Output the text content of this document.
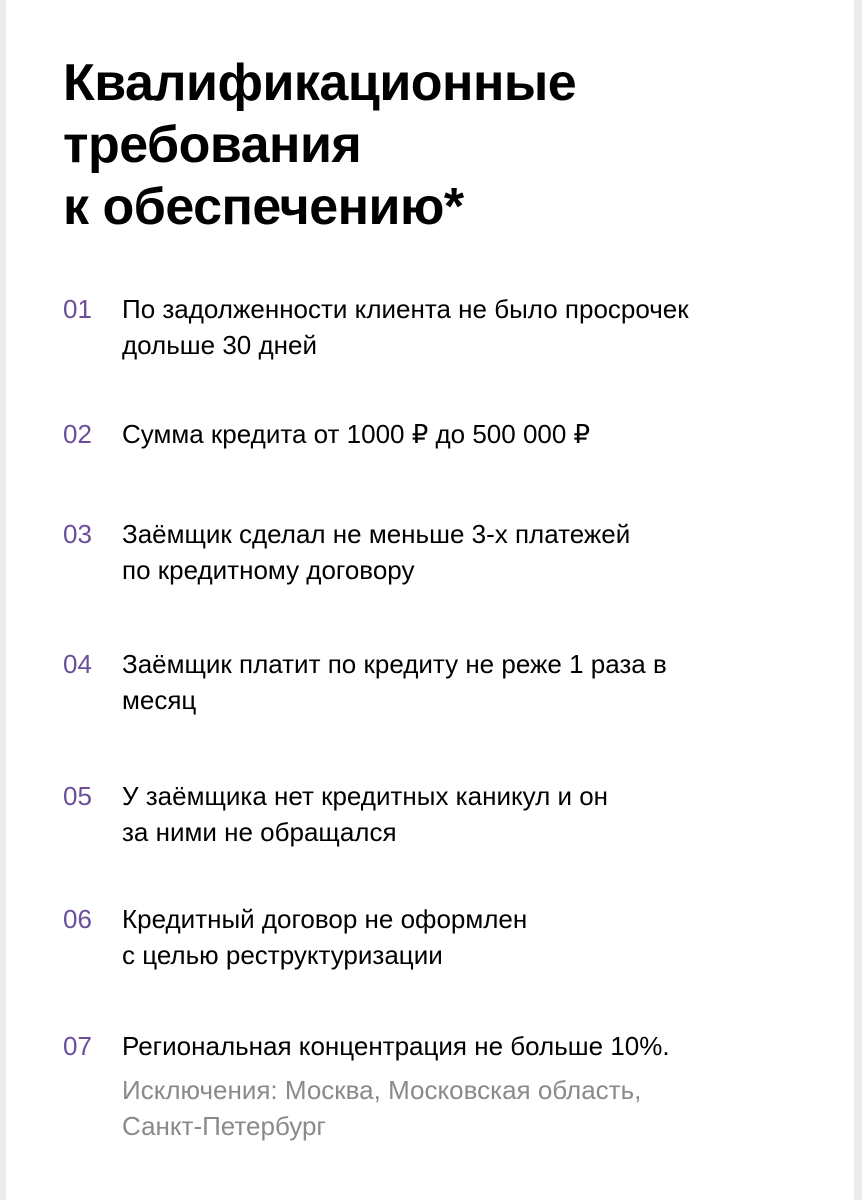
Квалификационные
требования
к обеспечению*
01 По задолженности клиента не было просрочек
дольше 30 дней
02 Сумма кредита от 1000 ₽ до 500 000 ₽
03 Заёмщик сделал не меньше 3-х платежей
по кредитному договору
04 Заёмщик платит по кредиту не реже 1 раза в
месяц
05 У заёмщика нет кредитных каникул и он
за ними не обращался
06 Кредитный договор не оформлен
с целью реструктуризации
07 Региональная концентрация не больше 10%.
Исключения: Москва, Московская область,
Санкт-Петербург
